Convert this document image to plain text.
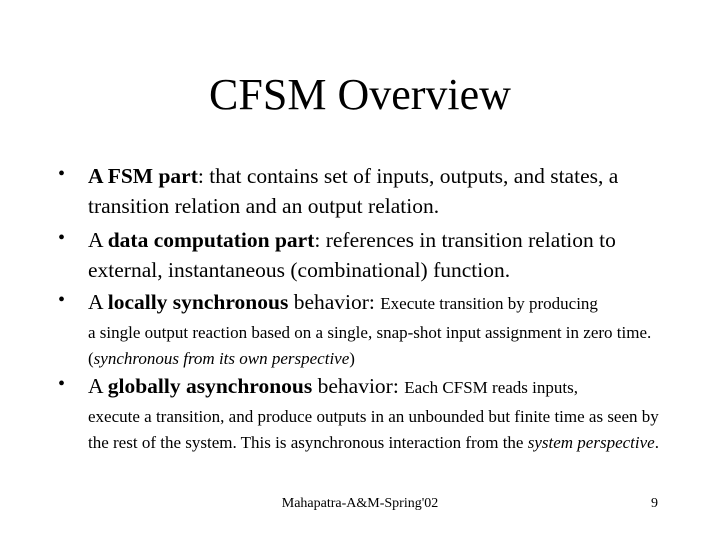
CFSM Overview
• A FSM part: that contains set of inputs, outputs, and states, a transition relation and an output relation.
• A data computation part: references in transition relation to external, instantaneous (combinational) function.
• A locally synchronous behavior: Execute transition by producing
a single output reaction based on a single, snap-shot input assignment in zero time. (synchronous from its own perspective)
• A globally asynchronous behavior: Each CFSM reads inputs,
execute a transition, and produce outputs in an unbounded but finite time as seen by the rest of the system. This is asynchronous interaction from the system perspective.
Mahapatra-A&M-Spring'02	9
